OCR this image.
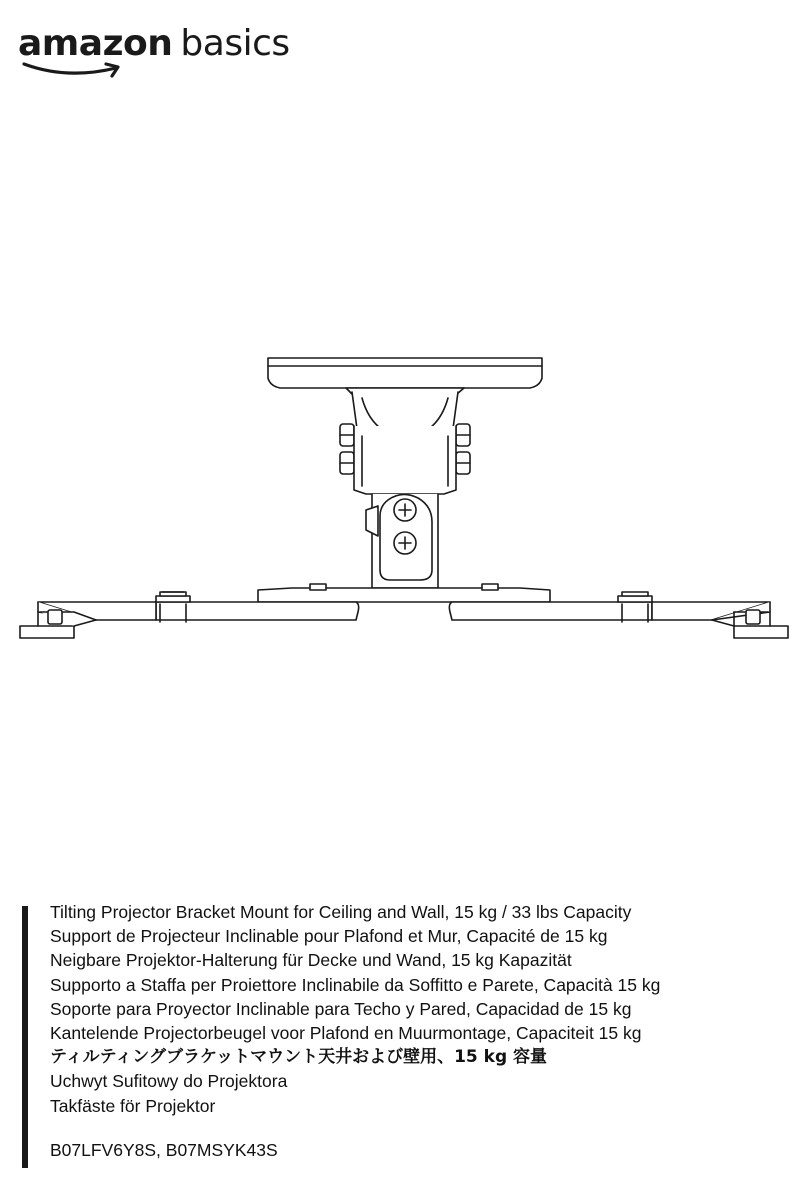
amazon basics
Tilting Projector Bracket Mount for Ceiling and Wall, 15 kg / 33 lbs Capacity
Support de Projecteur Inclinable pour Plafond et Mur, Capacité de 15 kg
Neigbare Projektor-Halterung für Decke und Wand, 15 kg Kapazität
Supporto a Staffa per Proiettore Inclinabile da Soffitto e Parete, Capacità 15 kg
Soporte para Proyector Inclinable para Techo y Pared, Capacidad de 15 kg
Kantelende Projectorbeugel voor Plafond en Muurmontage, Capaciteit 15 kg
ティルティングブラケットマウント天井および壁用、15 kg 容量
Uchwyt Sufitowy do Projektora
Takfäste för Projektor
B07LFV6Y8S, B07MSYK43S
